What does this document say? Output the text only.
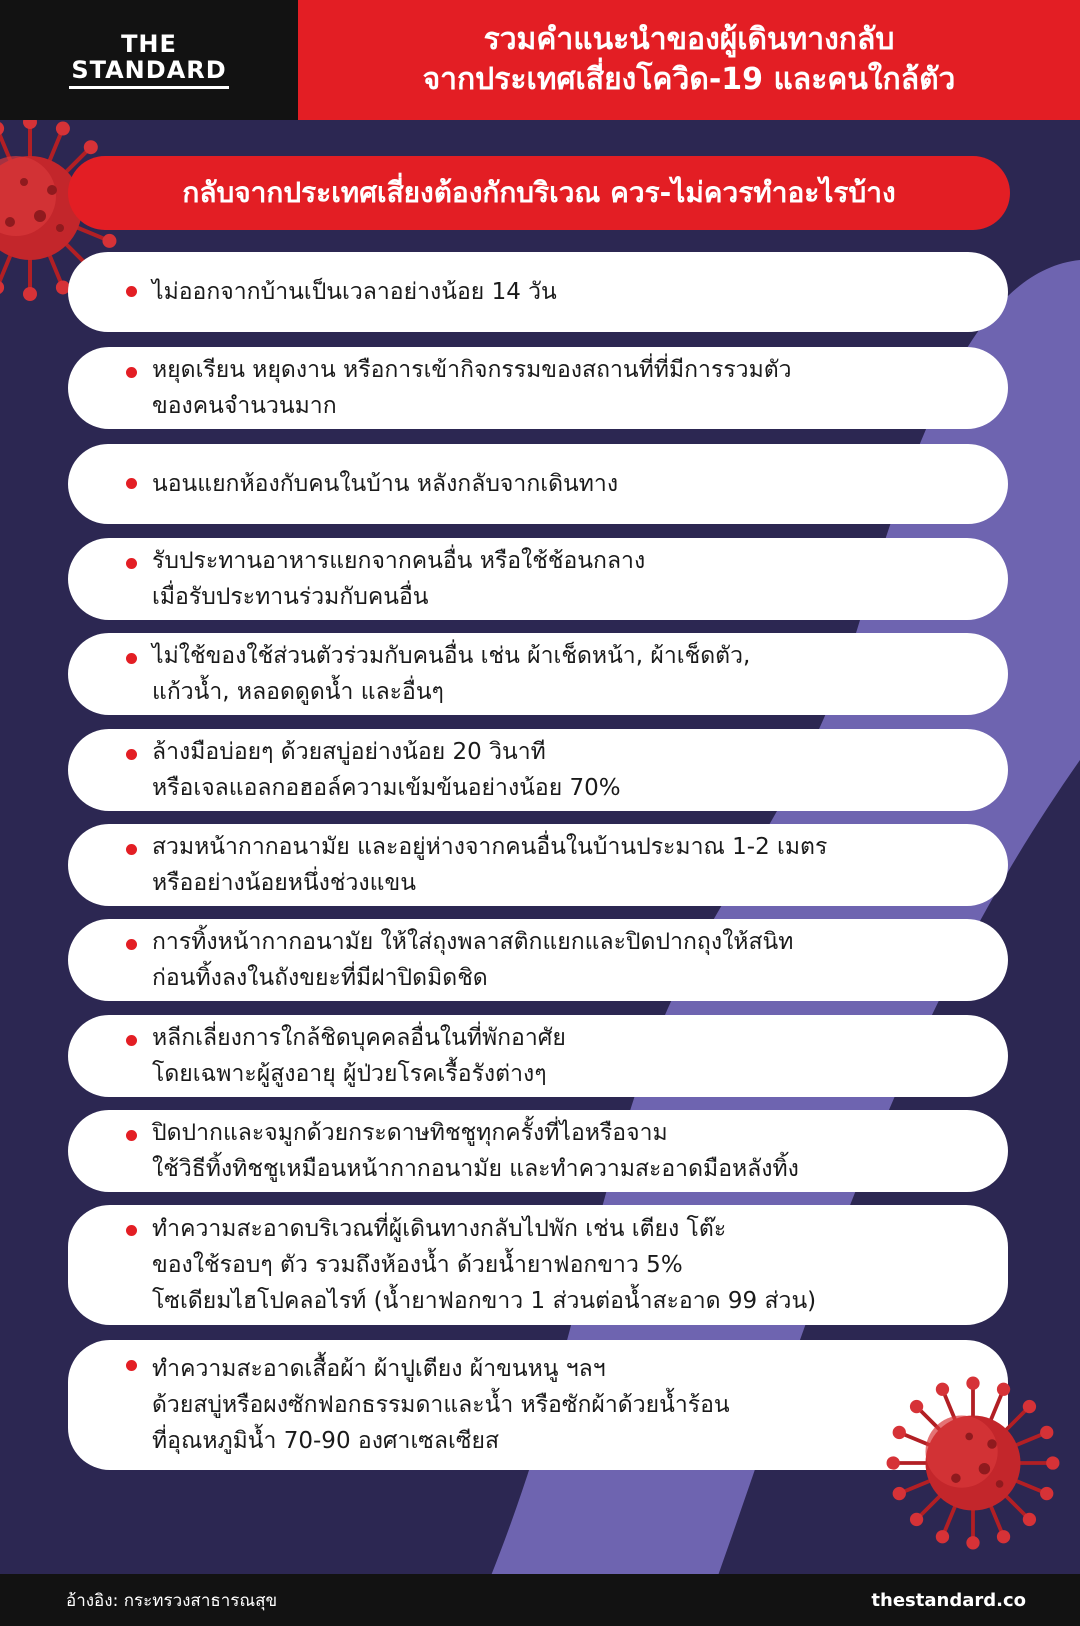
THE
STANDARD
รวมคำแนะนำของผู้เดินทางกลับ
จากประเทศเสี่ยงโควิด-19 และคนใกล้ตัว
กลับจากประเทศเสี่ยงต้องกักบริเวณ ควร-ไม่ควรทำอะไรบ้าง
ไม่ออกจากบ้านเป็นเวลาอย่างน้อย 14 วัน
หยุดเรียน หยุดงาน หรือการเข้ากิจกรรมของสถานที่ที่มีการรวมตัว
ของคนจำนวนมาก
นอนแยกห้องกับคนในบ้าน หลังกลับจากเดินทาง
รับประทานอาหารแยกจากคนอื่น หรือใช้ช้อนกลาง
เมื่อรับประทานร่วมกับคนอื่น
ไม่ใช้ของใช้ส่วนตัวร่วมกับคนอื่น เช่น ผ้าเช็ดหน้า, ผ้าเช็ดตัว,
แก้วน้ำ, หลอดดูดน้ำ และอื่นๆ
ล้างมือบ่อยๆ ด้วยสบู่อย่างน้อย 20 วินาที
หรือเจลแอลกอฮอล์ความเข้มข้นอย่างน้อย 70%
สวมหน้ากากอนามัย และอยู่ห่างจากคนอื่นในบ้านประมาณ 1-2 เมตร
หรืออย่างน้อยหนึ่งช่วงแขน
การทิ้งหน้ากากอนามัย ให้ใส่ถุงพลาสติกแยกและปิดปากถุงให้สนิท
ก่อนทิ้งลงในถังขยะที่มีฝาปิดมิดชิด
หลีกเลี่ยงการใกล้ชิดบุคคลอื่นในที่พักอาศัย
โดยเฉพาะผู้สูงอายุ ผู้ป่วยโรคเรื้อรังต่างๆ
ปิดปากและจมูกด้วยกระดาษทิชชูทุกครั้งที่ไอหรือจาม
ใช้วิธีทิ้งทิชชูเหมือนหน้ากากอนามัย และทำความสะอาดมือหลังทิ้ง
ทำความสะอาดบริเวณที่ผู้เดินทางกลับไปพัก เช่น เตียง โต๊ะ
ของใช้รอบๆ ตัว รวมถึงห้องน้ำ ด้วยน้ำยาฟอกขาว 5%
โซเดียมไฮโปคลอไรท์ (น้ำยาฟอกขาว 1 ส่วนต่อน้ำสะอาด 99 ส่วน)
ทำความสะอาดเสื้อผ้า ผ้าปูเตียง ผ้าขนหนู ฯลฯ
ด้วยสบู่หรือผงซักฟอกธรรมดาและน้ำ หรือซักผ้าด้วยน้ำร้อน
ที่อุณหภูมิน้ำ 70-90 องศาเซลเซียส
อ้างอิง: กระทรวงสาธารณสุข	thestandard.co
